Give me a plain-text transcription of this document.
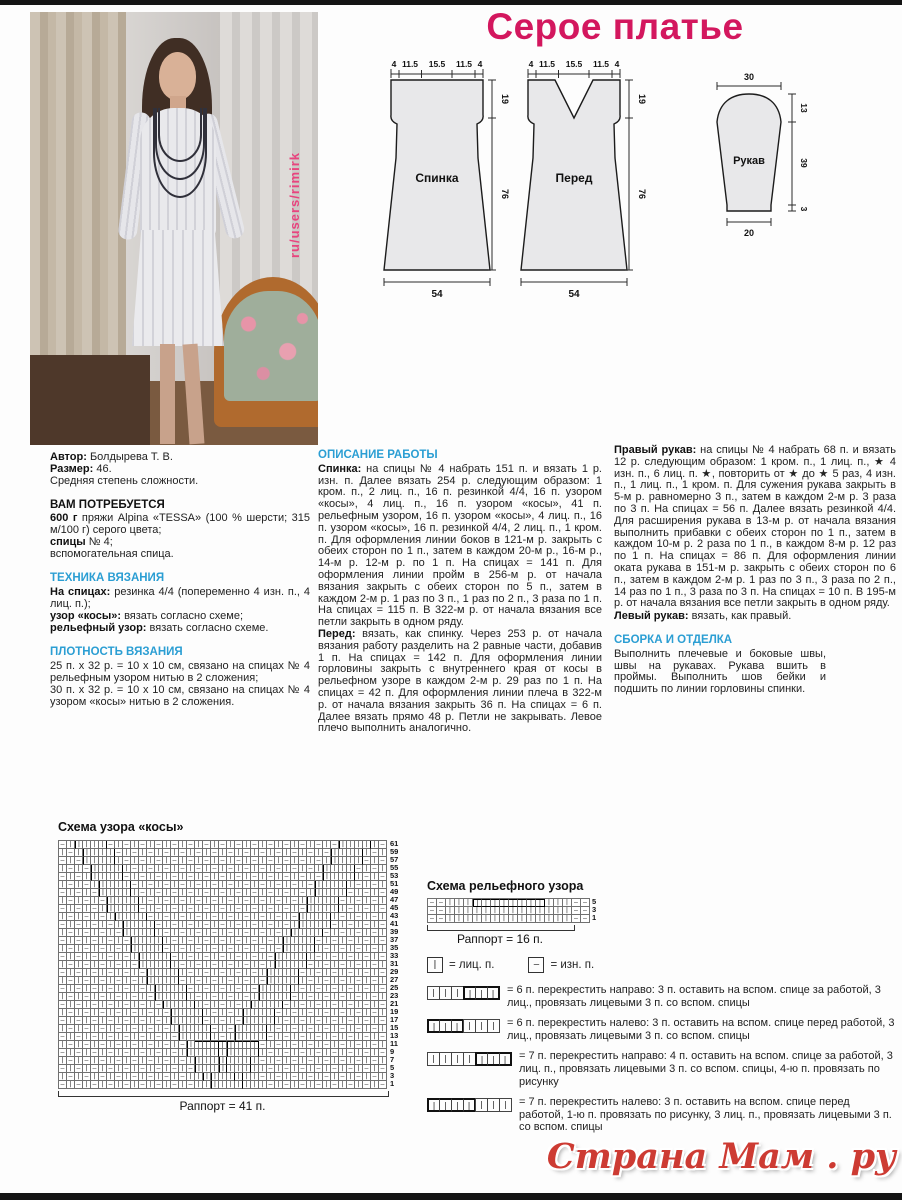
ru/users/rimirk
Серое платье
4 11.5 15.5 11.5 4
19
76
54
Спинка
4 11.5 15.5 11.5 4
19
76
54
Перед
30
13
39
3
20
Рукав
Автор: Болдырева Т. В.
Размер: 46.
Средняя степень сложности.
ВАМ ПОТРЕБУЕТСЯ
600 г пряжи Alpina «TESSA» (100 % шерсти; 315 м/100 г) серого цвета;
спицы № 4;
вспомогательная спица.
ТЕХНИКА ВЯЗАНИЯ
На спицах: резинка 4/4 (попеременно 4 изн. п., 4 лиц. п.);
узор «косы»: вязать согласно схеме;
рельефный узор: вязать согласно схеме.
ПЛОТНОСТЬ ВЯЗАНИЯ
25 п. х 32 р. = 10 х 10 см, связано на спицах № 4 рельефным узором нитью в 2 сложения;
30 п. х 32 р. = 10 х 10 см, связано на спицах № 4 узором «косы» нитью в 2 сложения.
ОПИСАНИЕ РАБОТЫ

Спинка: на спицы № 4 набрать 151 п. и вязать 1 р. изн. п. Далее вязать 254 р. следующим образом: 1 кром. п., 2 лиц. п., 16 п. резинкой 4/4, 16 п. узором «косы», 4 лиц. п., 16 п. узором «косы», 41 п. рельефным узором, 16 п. узором «косы», 4 лиц. п., 16 п. узором «косы», 16 п. резинкой 4/4, 2 лиц. п., 1 кром. п. Для оформления линии боков в 121-м р. закрыть с обеих сторон по 1 п., затем в каждом 20-м р., 16-м р., 14-м р. 12-м р. по 1 п. На спицах = 141 п. Для оформления линии пройм в 256-м р. от начала вязания закрыть с обеих сторон по 5 п., затем в каждом 2-м р. 1 раз по 3 п., 1 раз по 2 п., 3 раза по 1 п. На спицах = 115 п. В 322-м р. от начала вязания все петли закрыть в одном ряду.

Перед: вязать, как спинку. Через 253 р. от начала вязания работу разделить на 2 равные части, добавив 1 п. На спицах = 142 п. Для оформления линии горловины закрыть с внутреннего края от косы в рельефном узоре в каждом 2-м р. 29 раз по 1 п. На спицах = 42 п. Для оформления линии плеча в 322-м р. от начала вязания закрыть 36 п. На спицах = 6 п. Далее вязать прямо 48 р. Петли не закрывать. Левое плечо выполнить аналогично.

Правый рукав: на спицы № 4 набрать 68 п. и вязать 12 р. следующим образом: 1 кром. п., 1 лиц. п., ★ 4 изн. п., 6 лиц. п. ★, повторить от ★ до ★ 5 раз, 4 изн. п., 1 лиц. п., 1 кром. п. Для сужения рукава закрыть в 5-м р. равномерно 3 п., затем в каждом 2-м р. 3 раза по 3 п. На спицах = 56 п. Далее вязать резинкой 4/4. Для расширения рукава в 13-м р. от начала вязания выполнить прибавки с обеих сторон по 1 п., затем в каждом 10-м р. 2 раза по 1 п., в каждом 8-м р. 12 раз по 1 п. На спицах = 86 п. Для оформления линии оката рукава в 151-м р. закрыть с обеих сторон по 6 п., затем в каждом 2-м р. 1 раз по 3 п., 3 раза по 2 п., 14 раз по 1 п., 3 раза по 3 п. На спицах = 10 п. В 195-м р. от начала вязания все петли закрыть в одном ряду.

Левый рукав: вязать, как правый.

СБОРКА И ОТДЕЛКА

Выполнить плечевые и боковые швы, швы на рукавах. Рукава вшить в проймы. Выполнить шов бейки и подшить по линии горловины спинки.

Схема узора «косы»
– | | | | | – | – | – | – | – | – | – | – | – | – | – | – | – | – | – | | | | | –
| – | | | | | – | – | – | – | – | – | – | – | – | – | – | – | – | – | | | | | – |
– | – | | | | | – | – | – | – | – | – | – | – | – | – | – | – | – | | | | | – | –
| – | – | | | | | – | – | – | – | – | – | – | – | – | – | – | – | | | | | – | – |
– | – | | | | | – | – | – | – | – | – | – | – | – | – | – | – | – | | | | | – | –
| – | – | | | | | – | – | – | – | – | – | – | – | – | – | – | – | | | | | – | – |
– | – | – | | | | | – | – | – | – | – | – | – | – | – | – | – | | | | | – | – | –
| – | – | – | | | | | – | – | – | – | – | – | – | – | – | – | | | | | – | – | – |
– | – | – | | | | | – | – | – | – | – | – | – | – | – | – | – | | | | | – | – | –
| – | – | – | | | | | – | – | – | – | – | – | – | – | – | – | | | | | – | – | – |
– | – | – | – | | | | | – | – | – | – | – | – | – | – | – | | | | | – | – | – | –
| – | – | – | – | | | | | – | – | – | – | – | – | – | – | | | | | – | – | – | – |
– | – | – | – | – | | | | | – | – | – | – | – | – | – | | | | | – | – | – | – | –
| – | – | – | – | | | | | – | – | – | – | – | – | – | – | | | | | – | – | – | – |
– | – | – | – | – | | | | | – | – | – | – | – | – | – | | | | | – | – | – | – | –
| – | – | – | – | – | | | | | – | – | – | – | – | – | | | | | – | – | – | – | – |
– | – | – | – | – | – | | | | | – | – | – | – | – | | | | | – | – | – | – | – | –
| – | – | – | – | – | | | | | – | – | – | – | – | – | | | | | – | – | – | – | – |
– | – | – | – | – | – | | | | | – | – | – | – | – | | | | | – | – | – | – | – | –
| – | – | – | – | – | – | | | | | – | – | – | – | | | | | – | – | – | – | – | – |
– | – | – | – | – | – | – | | | | | – | – | – | | | | | – | – | – | – | – | – | –
| – | – | – | – | – | – | – | | | | | – | – | | | | | – | – | – | – | – | – | – |
– | – | – | – | – | – | – | | | | | – | – | – | | | | | – | – | – | – | – | – | –
| – | – | – | – | – | – | – | | | | | – | – | | | | | – | – | – | – | – | – | – |
– | – | – | – | – | – | – | – | | | | | – | | | | | – | – | – | – | – | – | – | –
| – | – | – | – | – | – | – | – | | | | | | | | | – | – | – | – | – | – | – | – |
– | – | – | – | – | – | – | – | | | | | | | | | | | – | – | – | – | – | – | – | –
| – | – | – | – | – | – | – | – | | | | | | | | | – | – | – | – | – | – | – | – |
– | – | – | – | – | – | – | – | – | | | | | | | | | – | – | – | – | – | – | – | –
| – | – | – | – | – | – | – | – | | | | | | | | | – | – | – | – | – | – | – | – |
– | – | – | – | – | – | – | – | – | | | | | | | | | – | – | – | – | – | – | – | –
61
59
57
55
53
51
49
47
45
43
41
39
37
35
33
31
29
27
25
23
21
19
17
15
13
11
9
7
5
3
1
Раппорт = 41 п.
Схема рельефного узора
– – | | | | | | | | | | | | | | – –
– – | | | | | | | | | | | | | | – –
– – | | | | | | | | | | | | | | – –
5
3
1
Раппорт = 16 п.
| = лиц. п.	– = изн. п.
| | | | | |	= 6 п. перекрестить направо: 3 п. оставить на вспом. спице за работой, 3 лиц., провязать лицевыми 3 п. со вспом. спицы
| | | | | |	= 6 п. перекрестить налево: 3 п. оставить на вспом. спице перед работой, 3 лиц., провязать лицевыми 3 п. со вспом. спицы
| | | | | | |	= 7 п. перекрестить направо: 4 п. оставить на вспом. спице за работой, 3 лиц. п., провязать лицевыми 3 п. со вспом. спицы, 4-ю п. провязать по рисунку
| | | | | | |	= 7 п. перекрестить налево: 3 п. оставить на вспом. спице перед работой, 1-ю п. провязать по рисунку, 3 лиц. п., провязать лицевыми 3 п. со вспом. спицы
Страна Мам . ру
